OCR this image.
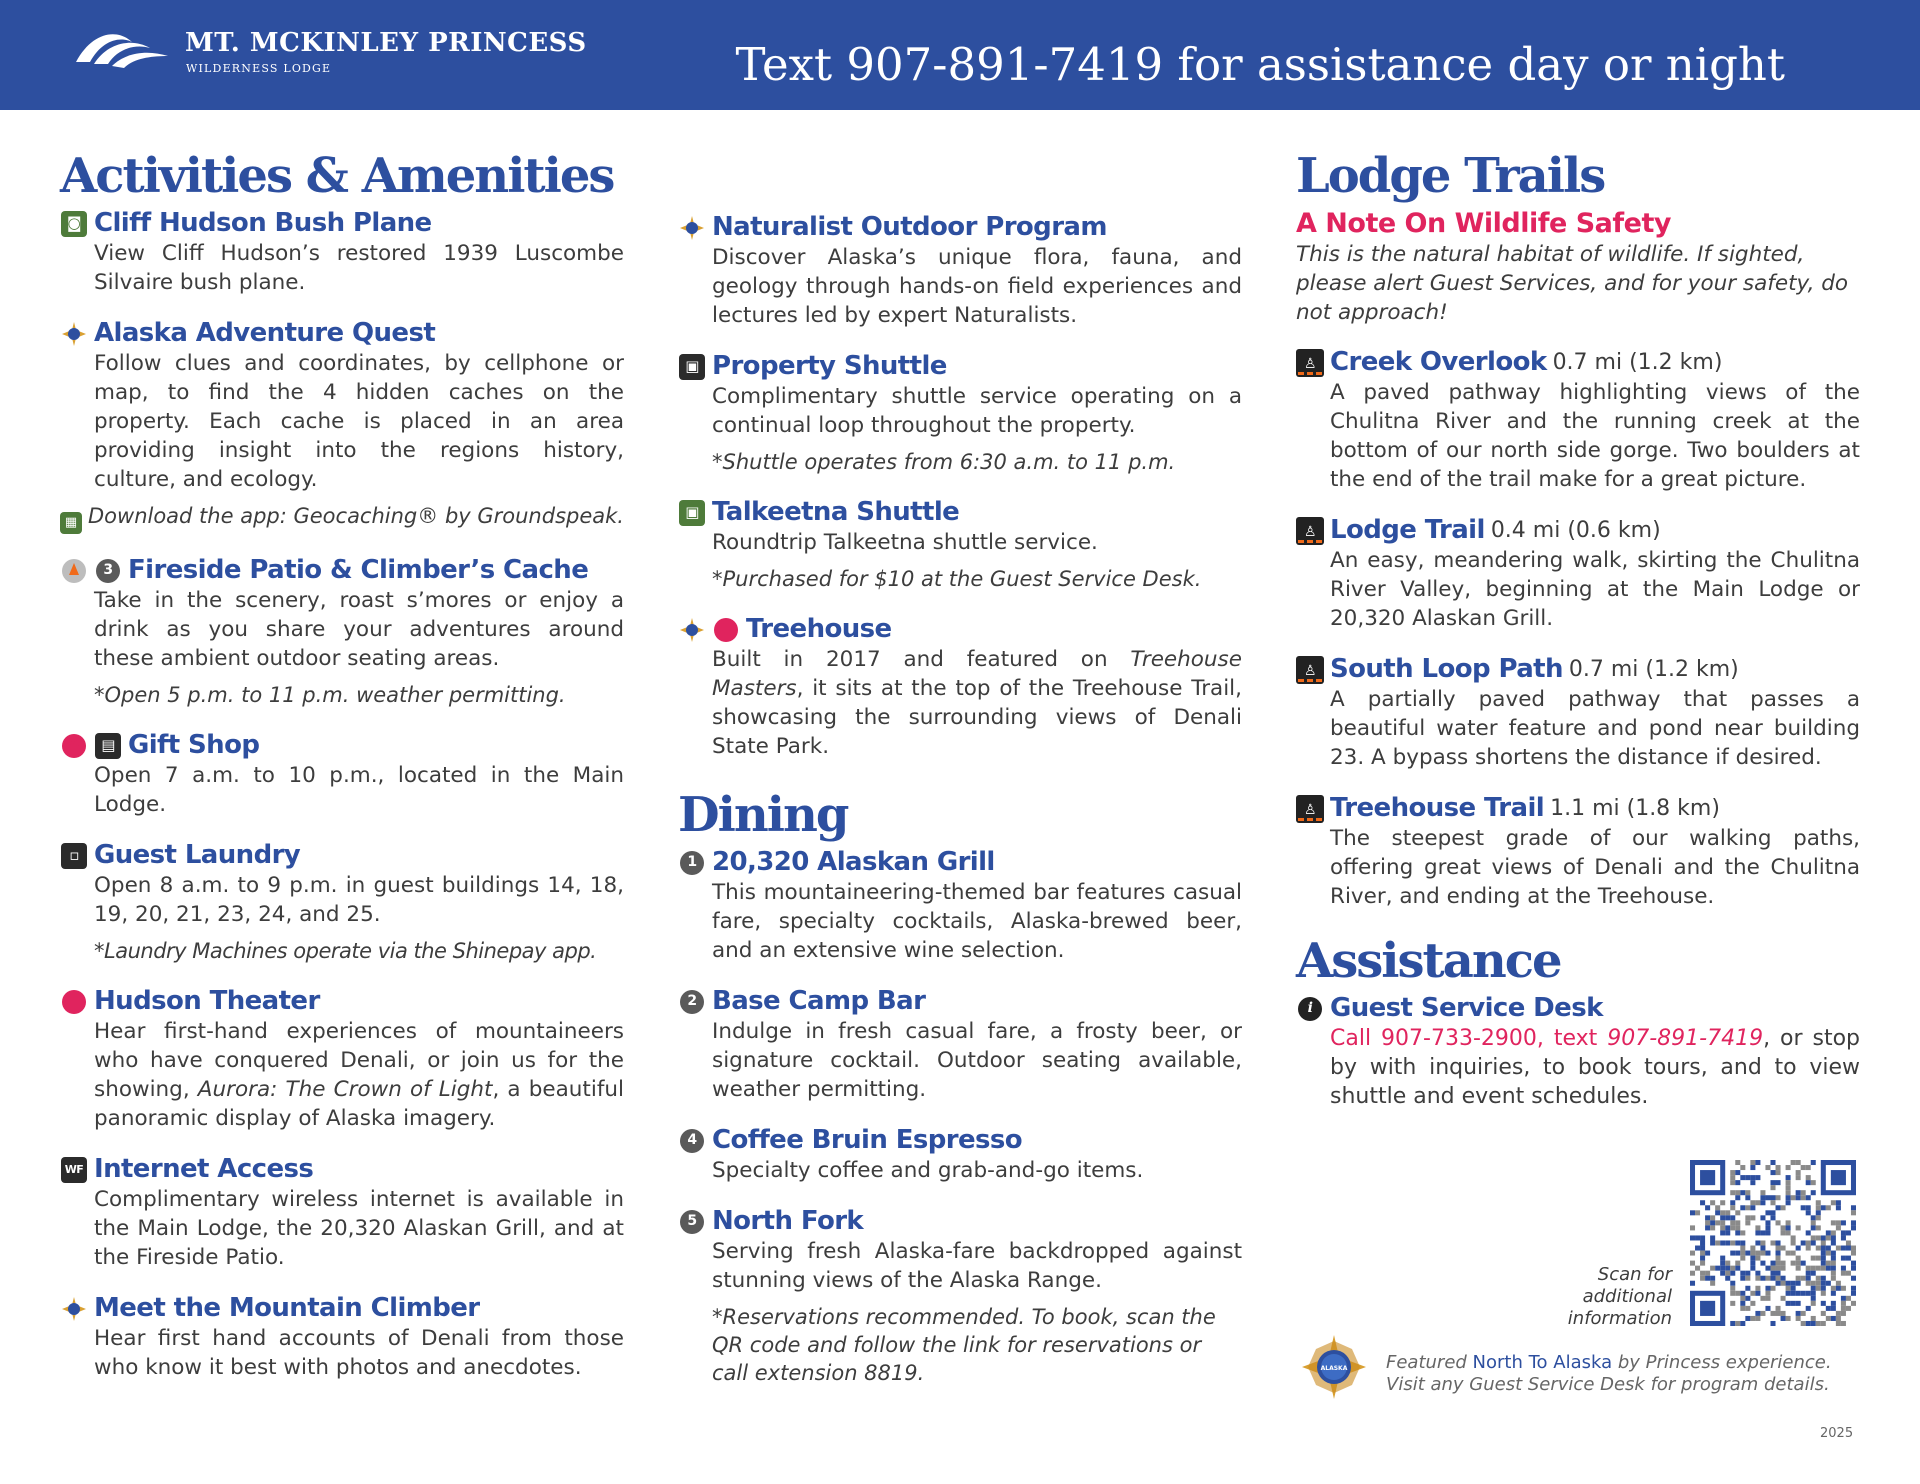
MT. MCKINLEY PRINCESS
WILDERNESS LODGE	Text 907-891-7419 for assistance day or night
Activities & Amenities
◙ Cliff Hudson Bush Plane
View Cliff Hudson’s restored 1939 Luscombe Silvaire bush plane.
Alaska Adventure Quest
Follow clues and coordinates, by cellphone or map, to find the 4 hidden caches on the property. Each cache is placed in an area providing insight into the regions history, culture, and ecology.
▦ Download the app: Geocaching® by Groundspeak.
3 Fireside Patio & Climber’s Cache
Take in the scenery, roast s’mores or enjoy a drink as you share your adventures around these ambient outdoor seating areas.
*Open 5 p.m. to 11 p.m. weather permitting.
A	▤ Gift Shop
Open 7 a.m. to 10 p.m., located in the Main Lodge.
▫ Guest Laundry
Open 8 a.m. to 9 p.m. in guest buildings 14, 18, 19, 20, 21, 23, 24, and 25.
*Laundry Machines operate via the Shinepay app.
B Hudson Theater
Hear first-hand experiences of mountaineers who have conquered Denali, or join us for the showing, Aurora: The Crown of Light, a beautiful panoramic display of Alaska imagery.
WF Internet Access
Complimentary wireless internet is available in the Main Lodge, the 20,320 Alaskan Grill, and at the Fireside Patio.
Meet the Mountain Climber
Hear first hand accounts of Denali from those who know it best with photos and anecdotes.
Naturalist Outdoor Program
Discover Alaska’s unique flora, fauna, and geology through hands-on field experiences and lectures led by expert Naturalists.
▣ Property Shuttle
Complimentary shuttle service operating on a continual loop throughout the property.
*Shuttle operates from 6:30 a.m. to 11 p.m.
▣ Talkeetna Shuttle
Roundtrip Talkeetna shuttle service.
*Purchased for $10 at the Guest Service Desk.
C Treehouse
Built in 2017 and featured on Treehouse Masters, it sits at the top of the Treehouse Trail, showcasing the surrounding views of Denali State Park.
Dining
1 20,320 Alaskan Grill
This mountaineering-themed bar features casual fare, specialty cocktails, Alaska-brewed beer, and an extensive wine selection.
2 Base Camp Bar
Indulge in fresh casual fare, a frosty beer, or signature cocktail. Outdoor seating available, weather permitting.
4 Coffee Bruin Espresso
Specialty coffee and grab-and-go items.
5 North Fork
Serving fresh Alaska-fare backdropped against stunning views of the Alaska Range.
*Reservations recommended. To book, scan the QR code and follow the link for reservations or call extension 8819.
Lodge Trails
A Note On Wildlife Safety
This is the natural habitat of wildlife. If sighted, please alert Guest Services, and for your safety, do not approach!
♙ Creek Overlook 0.7 mi (1.2 km)
A paved pathway highlighting views of the Chulitna River and the running creek at the bottom of our north side gorge. Two boulders at the end of the trail make for a great picture.
♙ Lodge Trail 0.4 mi (0.6 km)
An easy, meandering walk, skirting the Chulitna River Valley, beginning at the Main Lodge or 20,320 Alaskan Grill.
♙ South Loop Path 0.7 mi (1.2 km)
A partially paved pathway that passes a beautiful water feature and pond near building 23. A bypass shortens the distance if desired.
♙ Treehouse Trail 1.1 mi (1.8 km)
The steepest grade of our walking paths, offering great views of Denali and the Chulitna River, and ending at the Treehouse.
Assistance
i Guest Service Desk
Call 907-733-2900, text 907-891-7419, or stop by with inquiries, to book tours, and to view shuttle and event schedules.
Scan for additional information
ALASKA Featured North To Alaska by Princess experience.
Visit any Guest Service Desk for program details.
2025
